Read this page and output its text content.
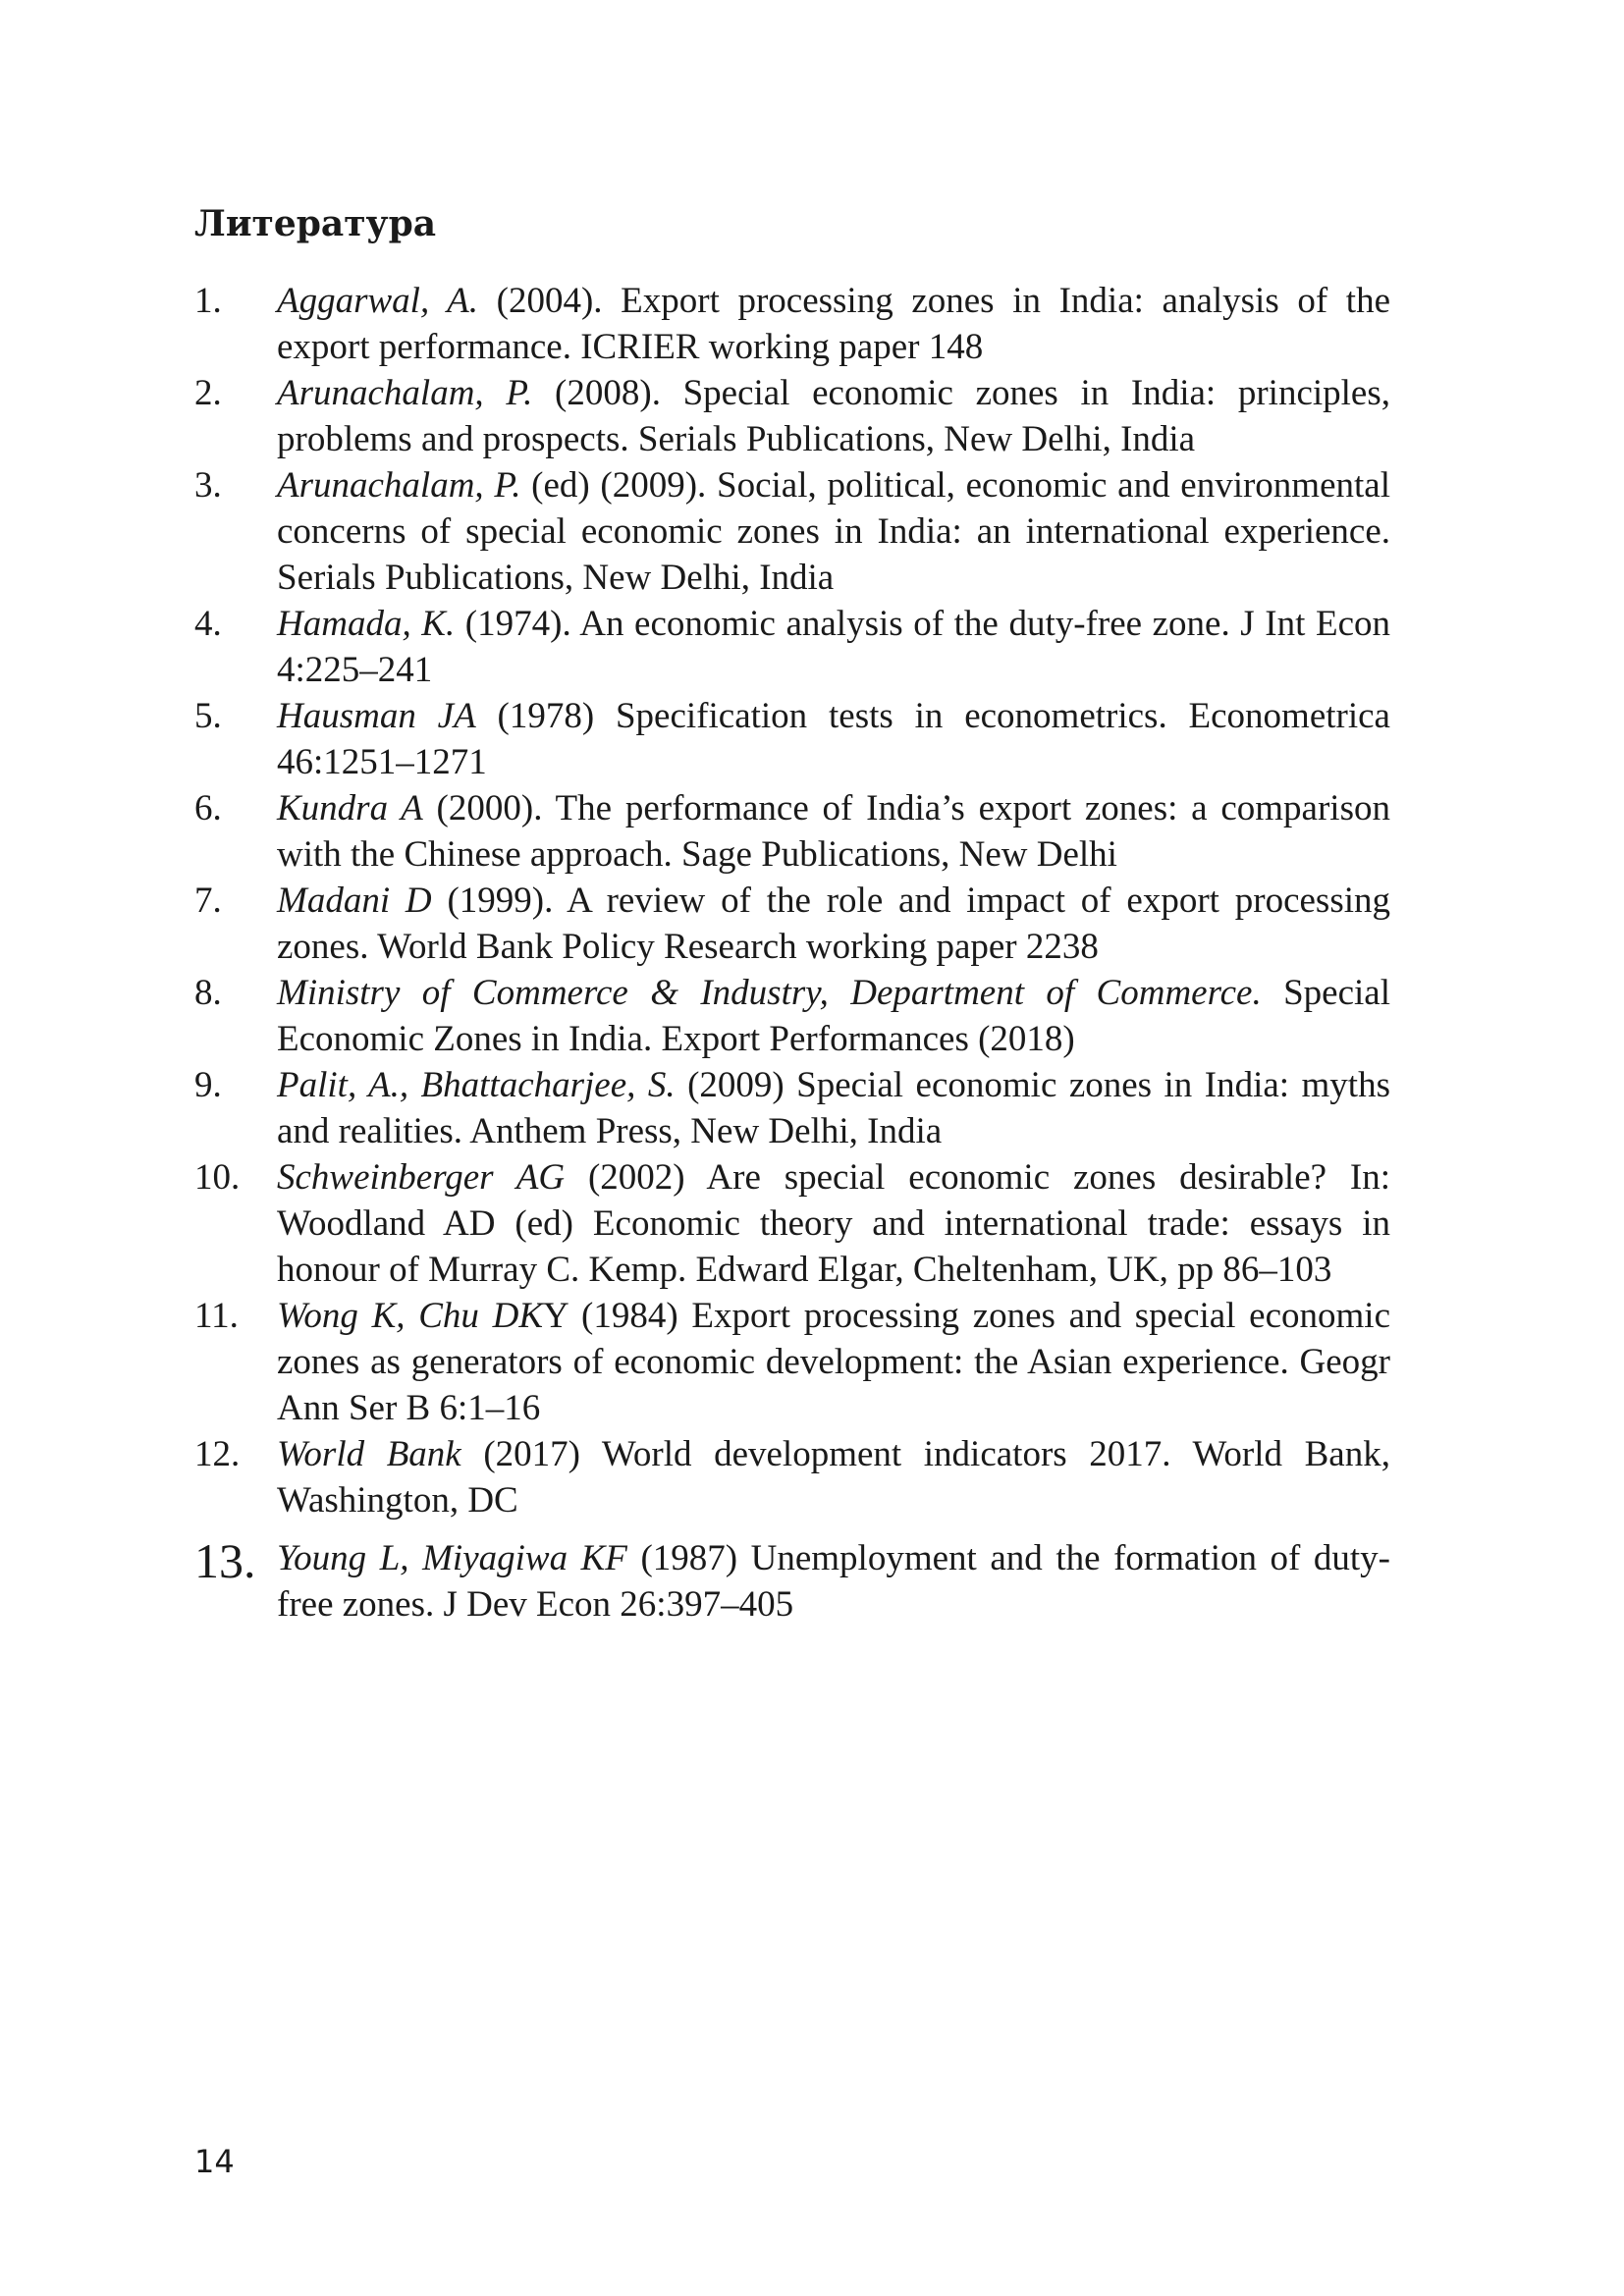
Литература
1.	Aggarwal, A. (2004). Export processing zones in India: analysis of the export performance. ICRIER working paper 148
2.	Arunachalam, P. (2008). Special economic zones in India: principles, problems and prospects. Serials Publications, New Delhi, India
3.	Arunachalam, P. (ed) (2009). Social, political, economic and environmental concerns of special economic zones in India: an international experience. Serials Publications, New Delhi, India
4.	Hamada, K. (1974). An economic analysis of the duty-free zone. J Int Econ 4:225–241
5.	Hausman JA (1978) Specification tests in econometrics. Econometrica 46:1251–1271
6.	Kundra A (2000). The performance of India’s export zones: a comparison with the Chinese approach. Sage Publications, New Delhi
7.	Madani D (1999). A review of the role and impact of export processing zones. World Bank Policy Research working paper 2238
8.	Ministry of Commerce & Industry, Department of Commerce. Special Economic Zones in India. Export Performances (2018)
9.	Palit, A., Bhattacharjee, S. (2009) Special economic zones in India: myths and realities. Anthem Press, New Delhi, India
10.	Schweinberger AG (2002) Are special economic zones desirable? In: Woodland AD (ed) Economic theory and international trade: essays in honour of Murray C. Kemp. Edward Elgar, Cheltenham, UK, pp 86–103
11.	Wong K, Chu DKY (1984) Export processing zones and special economic zones as generators of economic development: the Asian experience. Geogr Ann Ser B 6:1–16
12.	World Bank (2017) World development indicators 2017. World Bank, Washington, DC
13. Young L, Miyagiwa KF (1987) Unemployment and the formation of duty-free zones. J Dev Econ 26:397–405

14
